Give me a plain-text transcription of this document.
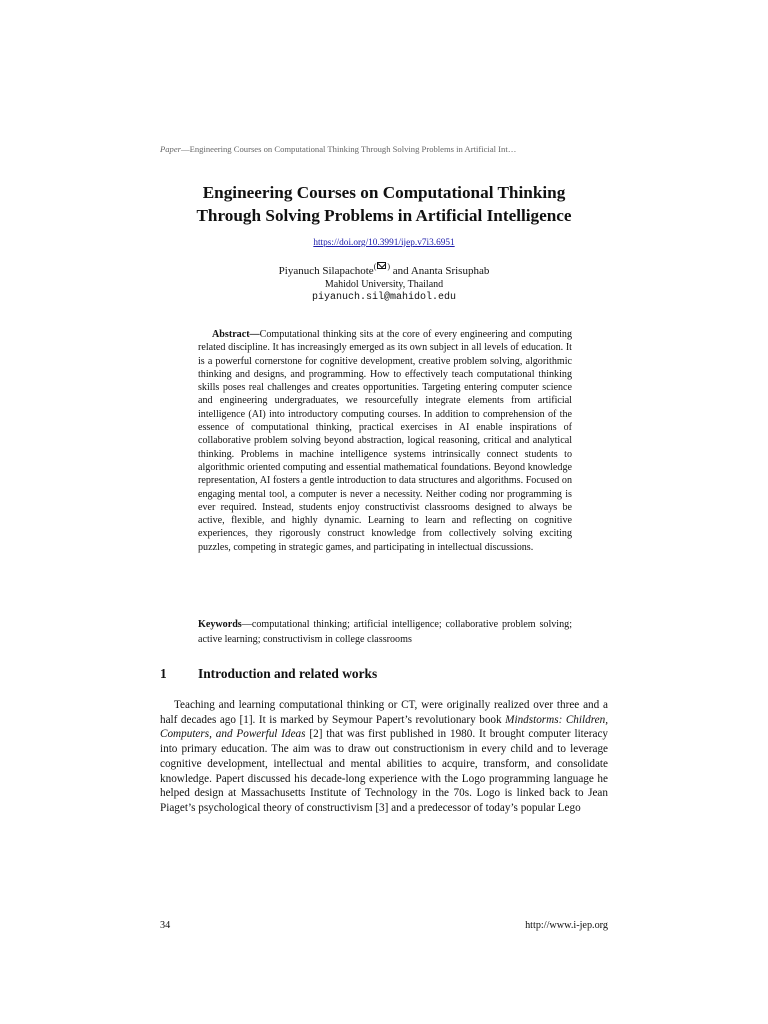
Paper—Engineering Courses on Computational Thinking Through Solving Problems in Artificial Int…
Engineering Courses on Computational Thinking
Through Solving Problems in Artificial Intelligence
https://doi.org/10.3991/ijep.v7i3.6951
Piyanuch Silapachote( ) and Ananta Srisuphab
Mahidol University, Thailand
piyanuch.sil@mahidol.edu
Abstract—Computational thinking sits at the core of every engineering and computing related discipline. It has increasingly emerged as its own subject in all levels of education. It is a powerful cornerstone for cognitive development, creative problem solving, algorithmic thinking and designs, and programming. How to effectively teach computational thinking skills poses real challenges and creates opportunities. Targeting entering computer science and engineering undergraduates, we resourcefully integrate elements from artificial intelligence (AI) into introductory computing courses. In addition to comprehension of the essence of computational thinking, practical exercises in AI enable inspirations of collaborative problem solving beyond abstraction, logical reasoning, critical and analytical thinking. Problems in machine intelligence systems intrinsically connect students to algorithmic oriented computing and essential mathematical foundations. Beyond knowledge representation, AI fosters a gentle introduction to data structures and algorithms. Focused on engaging mental tool, a computer is never a necessity. Neither coding nor programming is ever required. Instead, students enjoy constructivist classrooms designed to always be active, flexible, and highly dynamic. Learning to learn and reflecting on cognitive experiences, they rigorously construct knowledge from collectively solving exciting puzzles, competing in strategic games, and participating in intellectual discussions.
Keywords—computational thinking; artificial intelligence; collaborative problem solving; active learning; constructivism in college classrooms
1 Introduction and related works
Teaching and learning computational thinking or CT, were originally realized over three and a half decades ago [1]. It is marked by Seymour Papert’s revolutionary book Mindstorms: Children, Computers, and Powerful Ideas [2] that was first published in 1980. It brought computer literacy into primary education. The aim was to draw out constructionism in every child and to leverage cognitive development, intellectual and mental abilities to acquire, transform, and consolidate knowledge. Papert discussed his decade-long experience with the Logo programming language he helped design at Massachusetts Institute of Technology in the 70s. Logo is linked back to Jean Piaget’s psychological theory of constructivism [3] and a predecessor of today’s popular Lego
34	http://www.i-jep.org
